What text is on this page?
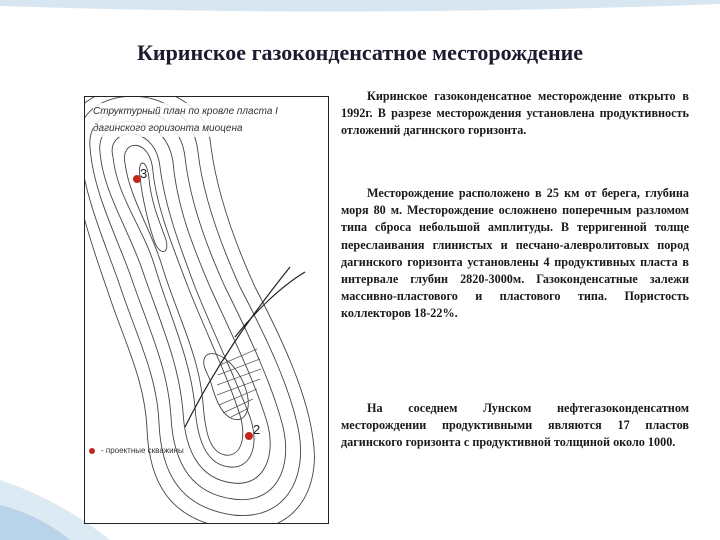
Киринское газоконденсатное месторождение
Структурный план по кровле пласта I дагинского горизонта миоцена
3
2
- проектные скважины

Киринское газоконденсатное месторождение открыто в 1992г. В разрезе месторождения установлена продуктивность отложений дагинского горизонта.

Месторождение расположено в 25 км от берега, глубина моря 80 м. Месторождение осложнено поперечным разломом типа сброса небольшой амплитуды. В терригенной толще переслаивания глинистых и песчано-алевролитовых пород дагинского горизонта установлены 4 продуктивных пласта в интервале глубин 2820-3000м. Газоконденсатные залежи массивно-пластового и пластового типа. Пористость коллекторов 18-22%.

На соседнем Лунском нефтегазоконденсатном месторождении продуктивными являются 17 пластов дагинского горизонта с продуктивной толщиной около 1000.
